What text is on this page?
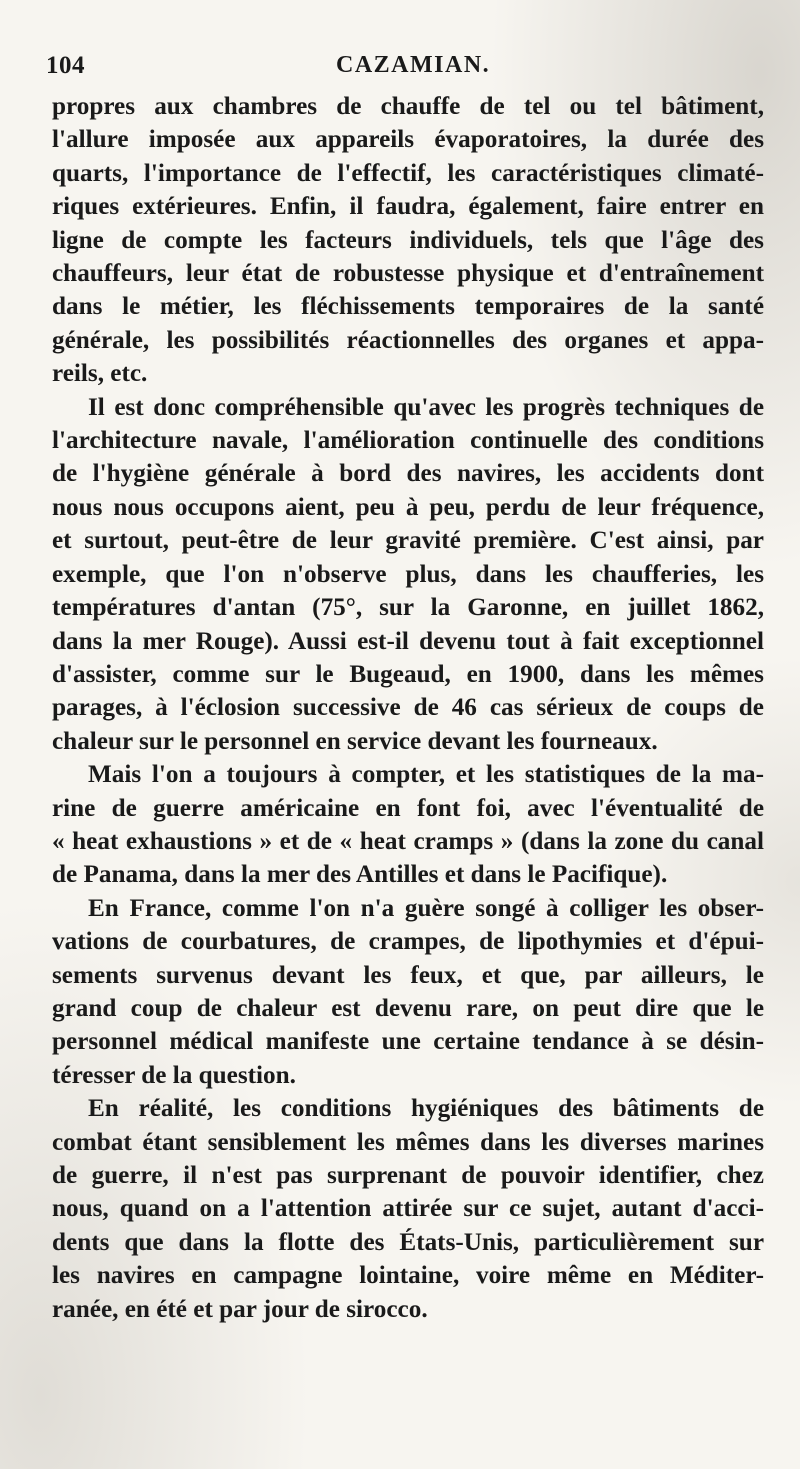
104	CAZAMIAN.

propres aux chambres de chauffe de tel ou tel bâtiment,
l'allure imposée aux appareils évaporatoires, la durée des
quarts, l'importance de l'effectif, les caractéristiques climaté-
riques extérieures. Enfin, il faudra, également, faire entrer en
ligne de compte les facteurs individuels, tels que l'âge des
chauffeurs, leur état de robustesse physique et d'entraînement
dans le métier, les fléchissements temporaires de la santé
générale, les possibilités réactionnelles des organes et appa-
reils, etc.

Il est donc compréhensible qu'avec les progrès techniques de
l'architecture navale, l'amélioration continuelle des conditions
de l'hygiène générale à bord des navires, les accidents dont
nous nous occupons aient, peu à peu, perdu de leur fréquence,
et surtout, peut-être de leur gravité première. C'est ainsi, par
exemple, que l'on n'observe plus, dans les chaufferies, les
températures d'antan (75°, sur la Garonne, en juillet 1862,
dans la mer Rouge). Aussi est-il devenu tout à fait exceptionnel
d'assister, comme sur le Bugeaud, en 1900, dans les mêmes
parages, à l'éclosion successive de 46 cas sérieux de coups de
chaleur sur le personnel en service devant les fourneaux.

Mais l'on a toujours à compter, et les statistiques de la ma-
rine de guerre américaine en font foi, avec l'éventualité de
« heat exhaustions » et de « heat cramps » (dans la zone du canal
de Panama, dans la mer des Antilles et dans le Pacifique).

En France, comme l'on n'a guère songé à colliger les obser-
vations de courbatures, de crampes, de lipothymies et d'épui-
sements survenus devant les feux, et que, par ailleurs, le
grand coup de chaleur est devenu rare, on peut dire que le
personnel médical manifeste une certaine tendance à se désin-
téresser de la question.

En réalité, les conditions hygiéniques des bâtiments de
combat étant sensiblement les mêmes dans les diverses marines
de guerre, il n'est pas surprenant de pouvoir identifier, chez
nous, quand on a l'attention attirée sur ce sujet, autant d'acci-
dents que dans la flotte des États-Unis, particulièrement sur
les navires en campagne lointaine, voire même en Méditer-
ranée, en été et par jour de sirocco.
